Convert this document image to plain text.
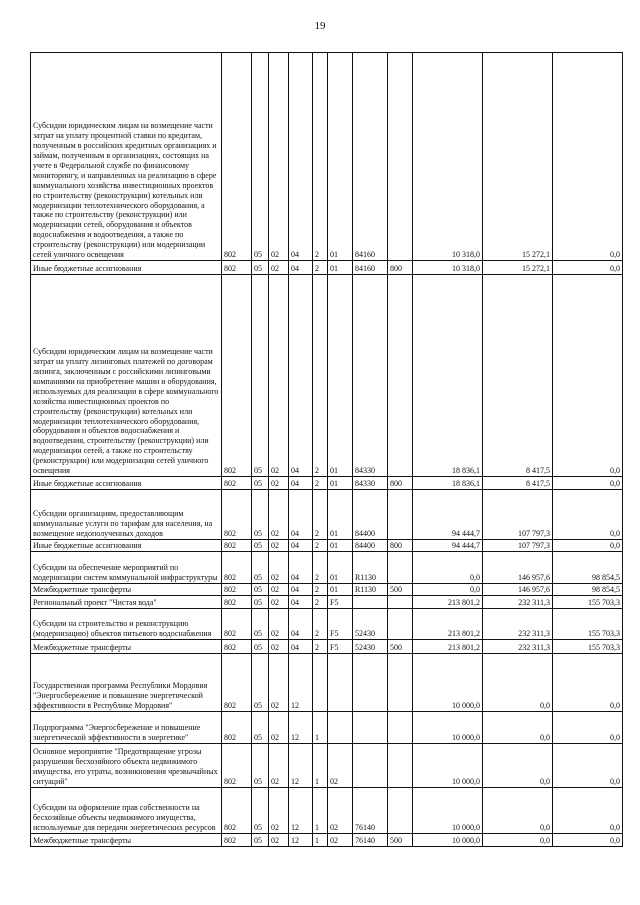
19
Субсидии юридическим лицам на возмещение части затрат на уплату процентной ставки по кредитам, полученным в российских кредитных организациях и займам, полученным в организациях, состоящих на учете в Федеральной службе по финансовому мониторингу, и направленных на реализацию в сфере коммунального хозяйства инвестиционных проектов по строительству (реконструкции) котельных или модернизации теплотехнического оборудования, а также по строительству (реконструкции) или модернизации сетей, оборудования и объектов водоснабжения и водоотведения, а также по строительству (реконструкции) или модернизации сетей уличного освещения	802	05	02	04	2	01	84160		10 318,0	15 272,1	0,0
Иные бюджетные ассигнования	802	05	02	04	2	01	84160	800	10 318,0	15 272,1	0,0
Субсидии юридическим лицам на возмещение части затрат на уплату лизинговых платежей по договорам лизинга, заключенным с российскими лизинговыми компаниями на приобретение машин и оборудования, используемых для реализации в сфере коммунального хозяйства инвестиционных проектов по строительству (реконструкции) котельных или модернизации теплотехнического оборудования, оборудования и объектов водоснабжения и водоотведения, строительству (реконструкции) или модернизации сетей, а также по строительству (реконструкции) или модернизации сетей уличного освещения	802	05	02	04	2	01	84330		18 836,1	8 417,5	0,0
Иные бюджетные ассигнования	802	05	02	04	2	01	84330	800	18 836,1	8 417,5	0,0
Субсидии организациям, предоставляющим коммунальные услуги по тарифам для населения, на возмещение недополученных доходов	802	05	02	04	2	01	84400		94 444,7	107 797,3	0,0
Иные бюджетные ассигнования	802	05	02	04	2	01	84400	800	94 444,7	107 797,3	0,0
Субсидии на обеспечение мероприятий по модернизации систем коммунальной инфраструктуры	802	05	02	04	2	01	R1130		0,0	146 957,6	98 854,5
Межбюджетные трансферты	802	05	02	04	2	01	R1130	500	0,0	146 957,6	98 854,5
Региональный проект "Чистая вода"	802	05	02	04	2	F5			213 801,2	232 311,3	155 703,3
Субсидии на строительство и реконструкцию (модернизацию) объектов питьевого водоснабжения	802	05	02	04	2	F5	52430		213 801,2	232 311,3	155 703,3
Межбюджетные трансферты	802	05	02	04	2	F5	52430	500	213 801,2	232 311,3	155 703,3
Государственная программа Республики Мордовия "Энергосбережение и повышение энергетической эффективности в Республике Мордовия"	802	05	02	12					10 000,0	0,0	0,0
Подпрограмма "Энергосбережение и повышение энергетической эффективности в энергетике"	802	05	02	12	1				10 000,0	0,0	0,0
Основное мероприятие "Предотвращение угрозы разрушения бесхозяйного объекта недвижимого имущества, его утраты, возникновения чрезвычайных ситуаций"	802	05	02	12	1	02			10 000,0	0,0	0,0
Субсидии на оформление прав собственности на бесхозяйные объекты недвижимого имущества, используемые для передачи энергетических ресурсов	802	05	02	12	1	02	76140		10 000,0	0,0	0,0
Межбюджетные трансферты	802	05	02	12	1	02	76140	500	10 000,0	0,0	0,0
